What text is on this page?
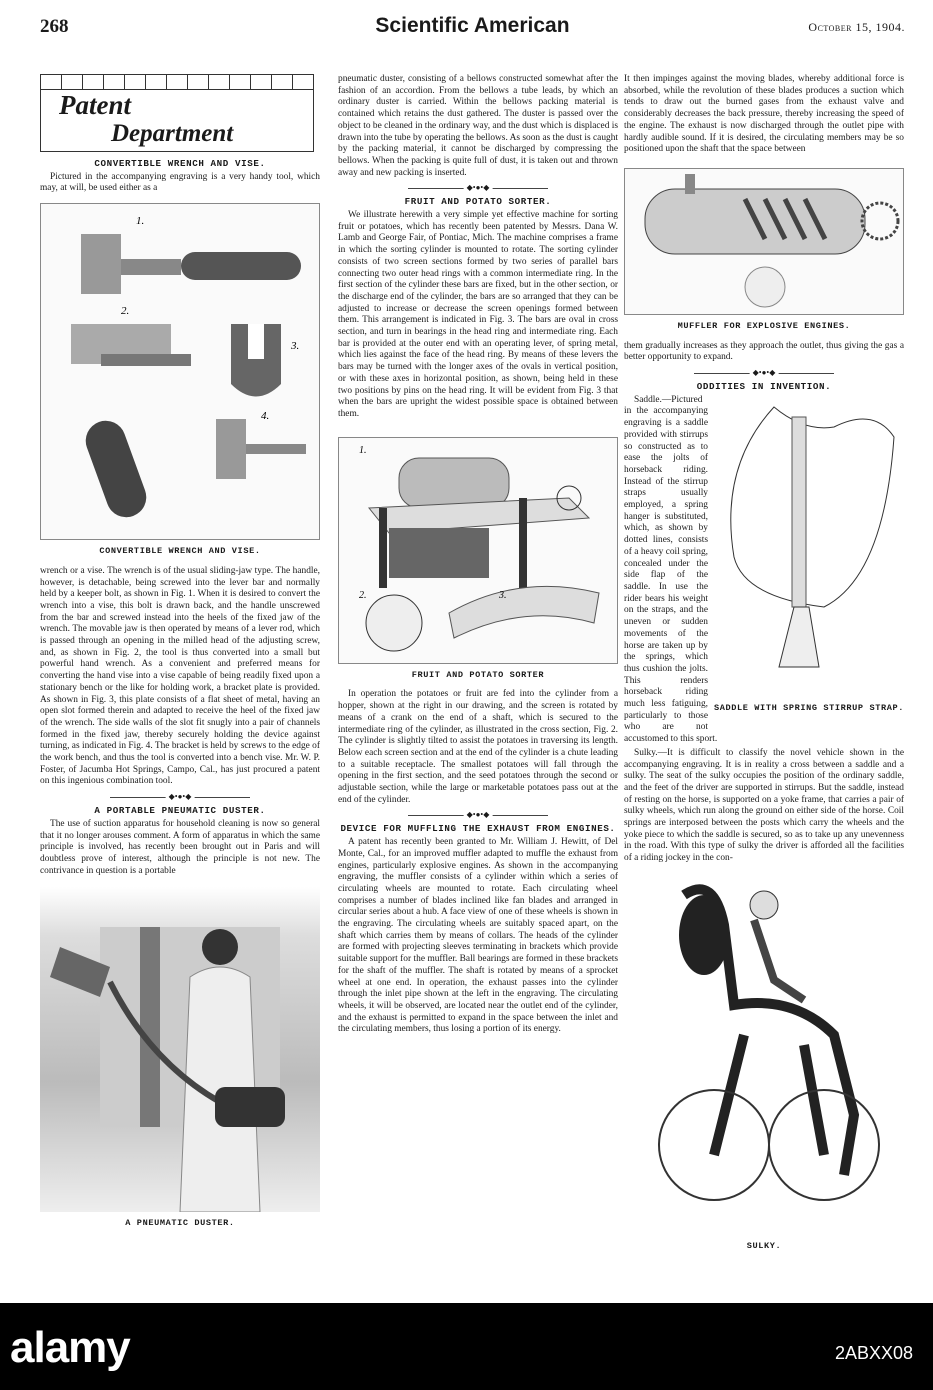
268	Scientific American	October 15, 1904.
Patent
Department
CONVERTIBLE WRENCH AND VISE.

Pictured in the accompanying engraving is a very handy tool, which may, at will, be used either as a

1.
2.
3.
4.
CONVERTIBLE WRENCH AND VISE.

wrench or a vise. The wrench is of the usual sliding-jaw type. The handle, however, is detachable, being screwed into the lever bar and normally held by a keeper bolt, as shown in Fig. 1. When it is desired to convert the wrench into a vise, this bolt is drawn back, and the handle unscrewed from the bar and screwed instead into the heels of the fixed jaw of the wrench. The movable jaw is then operated by means of a lever rod, which is passed through an opening in the milled head of the adjusting screw, and, as shown in Fig. 2, the tool is thus converted into a small but powerful hand wrench. As a convenient and preferred means for converting the hand vise into a vise capable of being readily fixed upon a stationary bench or the like for holding work, a bracket plate is provided. As shown in Fig. 3, this plate consists of a flat sheet of metal, having an open slot formed therein and adapted to receive the heel of the fixed jaw of the wrench. The side walls of the slot fit snugly into a pair of channels formed in the fixed jaw, thereby securely holding the device against turning, as indicated in Fig. 4. The bracket is held by screws to the edge of the work bench, and thus the tool is converted into a bench vise. Mr. W. P. Foster, of Jacumba Hot Springs, Campo, Cal., has just procured a patent on this ingenious combination tool.

◆•●•◆
A PORTABLE PNEUMATIC DUSTER.

The use of suction apparatus for household cleaning is now so general that it no longer arouses comment. A form of apparatus in which the same principle is involved, has recently been brought out in Paris and will doubtless prove of interest, although the principle is not new. The contrivance in question is a portable

A PNEUMATIC DUSTER.

pneumatic duster, consisting of a bellows constructed somewhat after the fashion of an accordion. From the bellows a tube leads, by which an ordinary duster is carried. Within the bellows packing material is contained which retains the dust gathered. The duster is passed over the object to be cleaned in the ordinary way, and the dust which is displaced is drawn into the tube by operating the bellows. As soon as the dust is caught by the packing material, it cannot be discharged by compressing the bellows. When the packing is quite full of dust, it is taken out and thrown away and new packing is inserted.

◆•●•◆
FRUIT AND POTATO SORTER.

We illustrate herewith a very simple yet effective machine for sorting fruit or potatoes, which has recently been patented by Messrs. Dana W. Lamb and George Fair, of Pontiac, Mich. The machine comprises a frame in which the sorting cylinder is mounted to rotate. The sorting cylinder consists of two screen sections formed by two series of parallel bars connecting two outer head rings with a common intermediate ring. In the first section of the cylinder these bars are fixed, but in the other section, or the discharge end of the cylinder, the bars are so arranged that they can be adjusted to increase or decrease the screen openings formed between them. This arrangement is indicated in Fig. 3. The bars are oval in cross section, and turn in bearings in the head ring and intermediate ring. Each bar is provided at the outer end with an operating lever, of spring metal, which lies against the face of the head ring. By means of these levers the bars may be turned with the longer axes of the ovals in vertical position, or with these axes in horizontal position, as shown, being held in these two positions by pins on the head ring. It will be evident from Fig. 3 that when the bars are upright the widest possible space is obtained between them.

1.
2.	3.
FRUIT AND POTATO SORTER

In operation the potatoes or fruit are fed into the cylinder from a hopper, shown at the right in our drawing, and the screen is rotated by means of a crank on the end of a shaft, which is secured to the intermediate ring of the cylinder, as illustrated in the cross section, Fig. 2. The cylinder is slightly tilted to assist the potatoes in traversing its length. Below each screen section and at the end of the cylinder is a chute leading to a suitable receptacle. The smallest potatoes will fall through the opening in the first section, and the seed potatoes through the second or adjustable section, while the large or marketable potatoes pass out at the end of the cylinder.

◆•●•◆
DEVICE FOR MUFFLING THE EXHAUST FROM ENGINES.

A patent has recently been granted to Mr. William J. Hewitt, of Del Monte, Cal., for an improved muffler adapted to muffle the exhaust from engines, particularly explosive engines. As shown in the accompanying engraving, the muffler consists of a cylinder within which a series of circulating wheels are mounted to rotate. Each circulating wheel comprises a number of blades inclined like fan blades and arranged in circular series about a hub. A face view of one of these wheels is shown in the engraving. The circulating wheels are suitably spaced apart, on the shaft which carries them by means of collars. The heads of the cylinder are formed with projecting sleeves terminating in brackets which provide suitable support for the muffler. Ball bearings are formed in these brackets for the shaft of the muffler. The shaft is rotated by means of a sprocket wheel at one end. In operation, the exhaust passes into the cylinder through the inlet pipe shown at the left in the engraving. The circulating wheels, it will be observed, are located near the outlet end of the cylinder, and the exhaust is permitted to expand in the space between the inlet and the circulating members, thus losing a portion of its energy.

It then impinges against the moving blades, whereby additional force is absorbed, while the revolution of these blades produces a suction which tends to draw out the burned gases from the exhaust valve and considerably decreases the back pressure, thereby increasing the speed of the engine. The exhaust is now discharged through the outlet pipe with hardly audible sound. If it is desired, the circulating members may be so positioned upon the shaft that the space between

MUFFLER FOR EXPLOSIVE ENGINES.

them gradually increases as they approach the outlet, thus giving the gas a better opportunity to expand.

◆•●•◆
ODDITIES IN INVENTION.
SADDLE WITH SPRING STIRRUP STRAP.

Saddle.—Pictured in the accompanying engraving is a saddle provided with stirrups so constructed as to ease the jolts of horseback riding. Instead of the stirrup straps usually employed, a spring hanger is substituted, which, as shown by dotted lines, consists of a heavy coil spring, concealed under the side flap of the saddle. In use the rider bears his weight on the straps, and the uneven or sudden movements of the horse are taken up by the springs, which thus cushion the jolts. This renders horseback riding much less fatiguing, particularly to those who are not accustomed to this sport.

Sulky.—It is difficult to classify the novel vehicle shown in the accompanying engraving. It is in reality a cross between a saddle and a sulky. The seat of the sulky occupies the position of the ordinary saddle, and the feet of the driver are supported in stirrups. But the saddle, instead of resting on the horse, is supported on a yoke frame, that carries a pair of sulky wheels, which run along the ground on either side of the horse. Coil springs are interposed between the posts which carry the wheels and the yoke piece to which the saddle is secured, so as to take up any unevenness in the road. With this type of sulky the driver is afforded all the facilities of a riding jockey in the con-

SULKY.
alamy	2ABXX08
